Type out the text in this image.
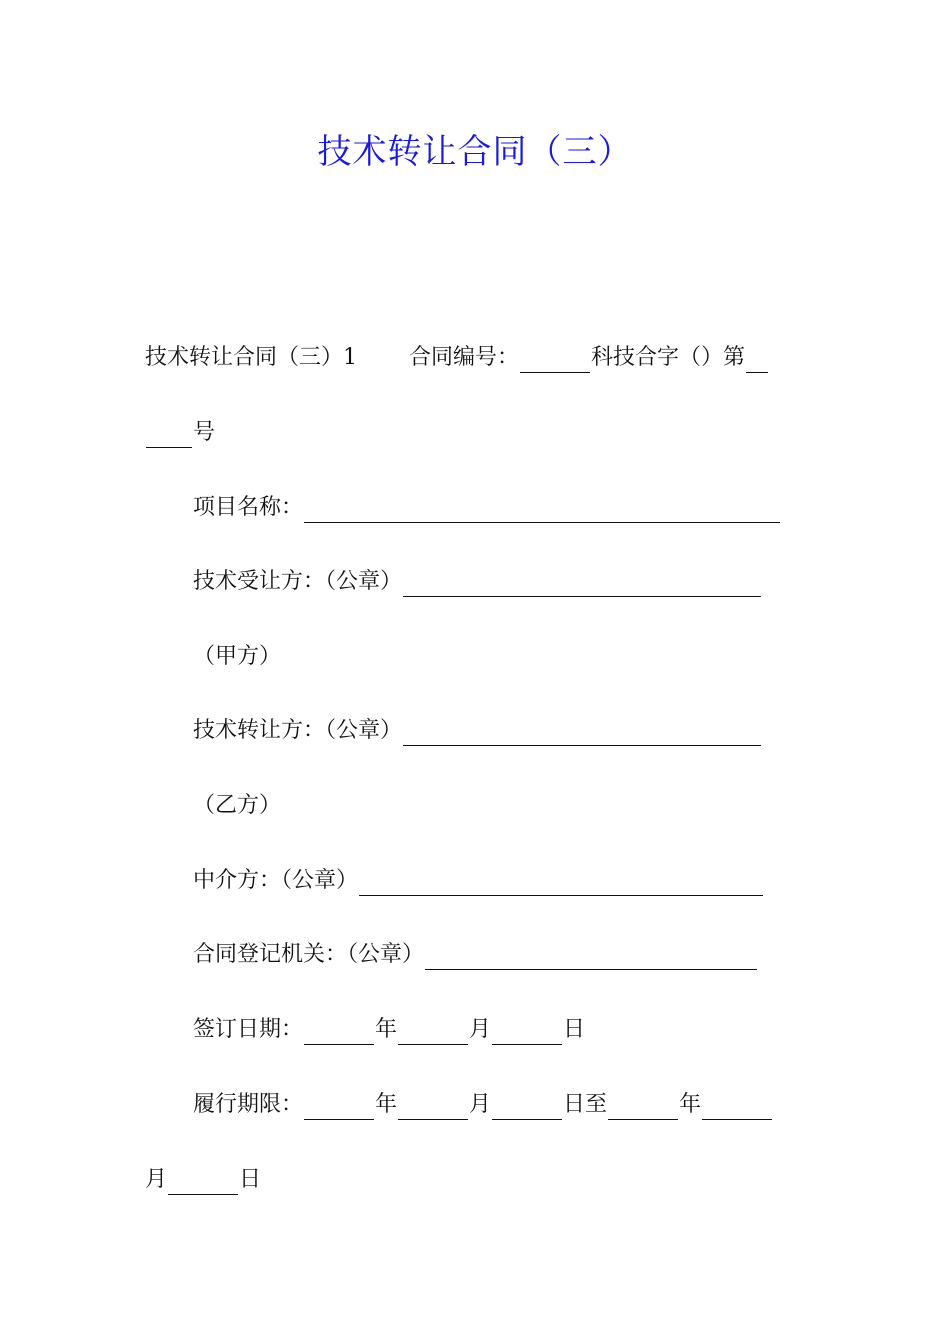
技术转让合同（三）
技术转让合同（三）1 合同编号：	科技合字（）第
号
项目名称：
技术受让方：（公章）
（甲方）
技术转让方：（公章）
（乙方）
中介方：（公章）
合同登记机关：（公章）
签订日期：	年	月	日
履行期限：	年	月	日至	年
月	日
